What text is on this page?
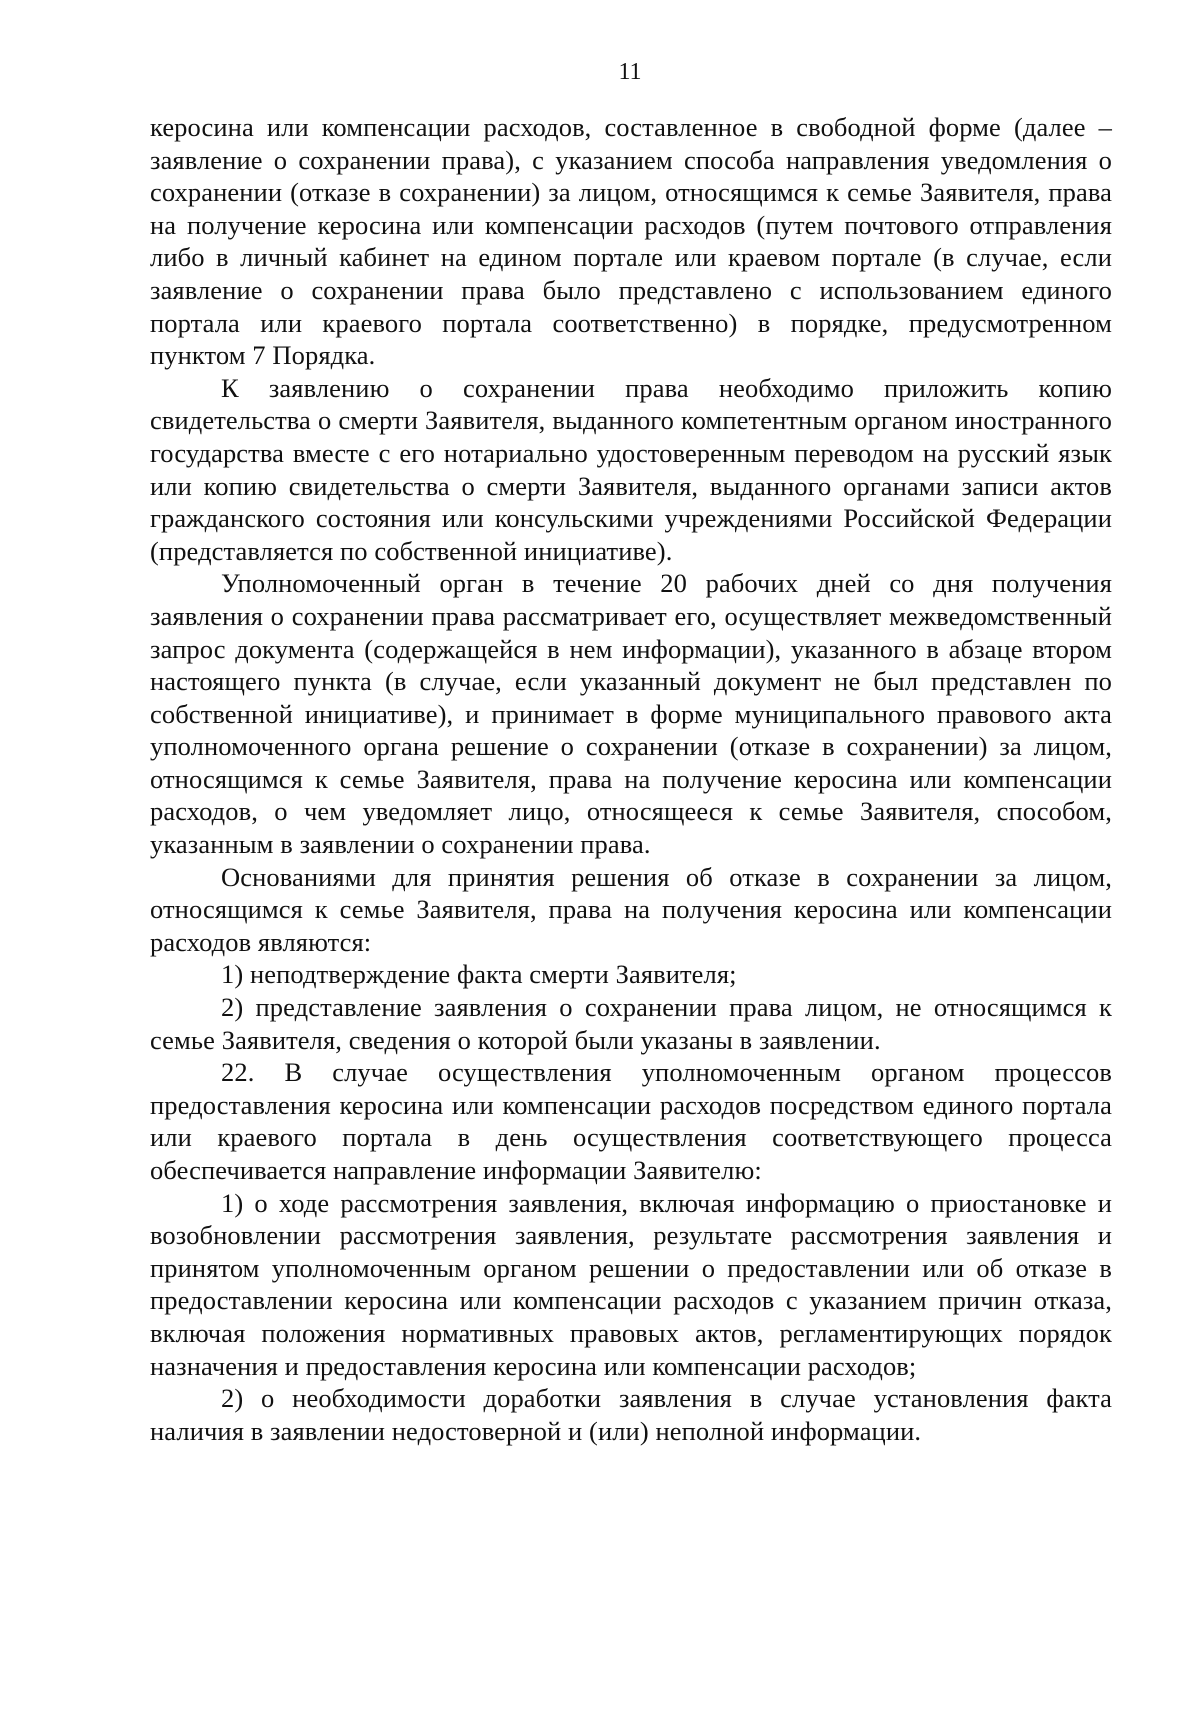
11

керосина или компенсации расходов, составленное в свободной форме (далее – заявление о сохранении права), с указанием способа направления уведомления о сохранении (отказе в сохранении) за лицом, относящимся к семье Заявителя, права на получение керосина или компенсации расходов (путем почтового отправления либо в личный кабинет на едином портале или краевом портале (в случае, если заявление о сохранении права было представлено с использованием единого портала или краевого портала соответственно) в порядке, предусмотренном пунктом 7 Порядка.

К заявлению о сохранении права необходимо приложить копию свидетельства о смерти Заявителя, выданного компетентным органом иностранного государства вместе с его нотариально удостоверенным переводом на русский язык или копию свидетельства о смерти Заявителя, выданного органами записи актов гражданского состояния или консульскими учреждениями Российской Федерации (представляется по собственной инициативе).

Уполномоченный орган в течение 20 рабочих дней со дня получения заявления о сохранении права рассматривает его, осуществляет межведомственный запрос документа (содержащейся в нем информации), указанного в абзаце втором настоящего пункта (в случае, если указанный документ не был представлен по собственной инициативе), и принимает в форме муниципального правового акта уполномоченного органа решение о сохранении (отказе в сохранении) за лицом, относящимся к семье Заявителя, права на получение керосина или компенсации расходов, о чем уведомляет лицо, относящееся к семье Заявителя, способом, указанным в заявлении о сохранении права.

Основаниями для принятия решения об отказе в сохранении за лицом, относящимся к семье Заявителя, права на получения керосина или компенсации расходов являются:

1) неподтверждение факта смерти Заявителя;

2) представление заявления о сохранении права лицом, не относящимся к семье Заявителя, сведения о которой были указаны в заявлении.

22. В случае осуществления уполномоченным органом процессов предоставления керосина или компенсации расходов посредством единого портала или краевого портала в день осуществления соответствующего процесса обеспечивается направление информации Заявителю:

1) о ходе рассмотрения заявления, включая информацию о приостановке и возобновлении рассмотрения заявления, результате рассмотрения заявления и принятом уполномоченным органом решении о предоставлении или об отказе в предоставлении керосина или компенсации расходов с указанием причин отказа, включая положения нормативных правовых актов, регламентирующих порядок назначения и предоставления керосина или компенсации расходов;

2) о необходимости доработки заявления в случае установления факта наличия в заявлении недостоверной и (или) неполной информации.
